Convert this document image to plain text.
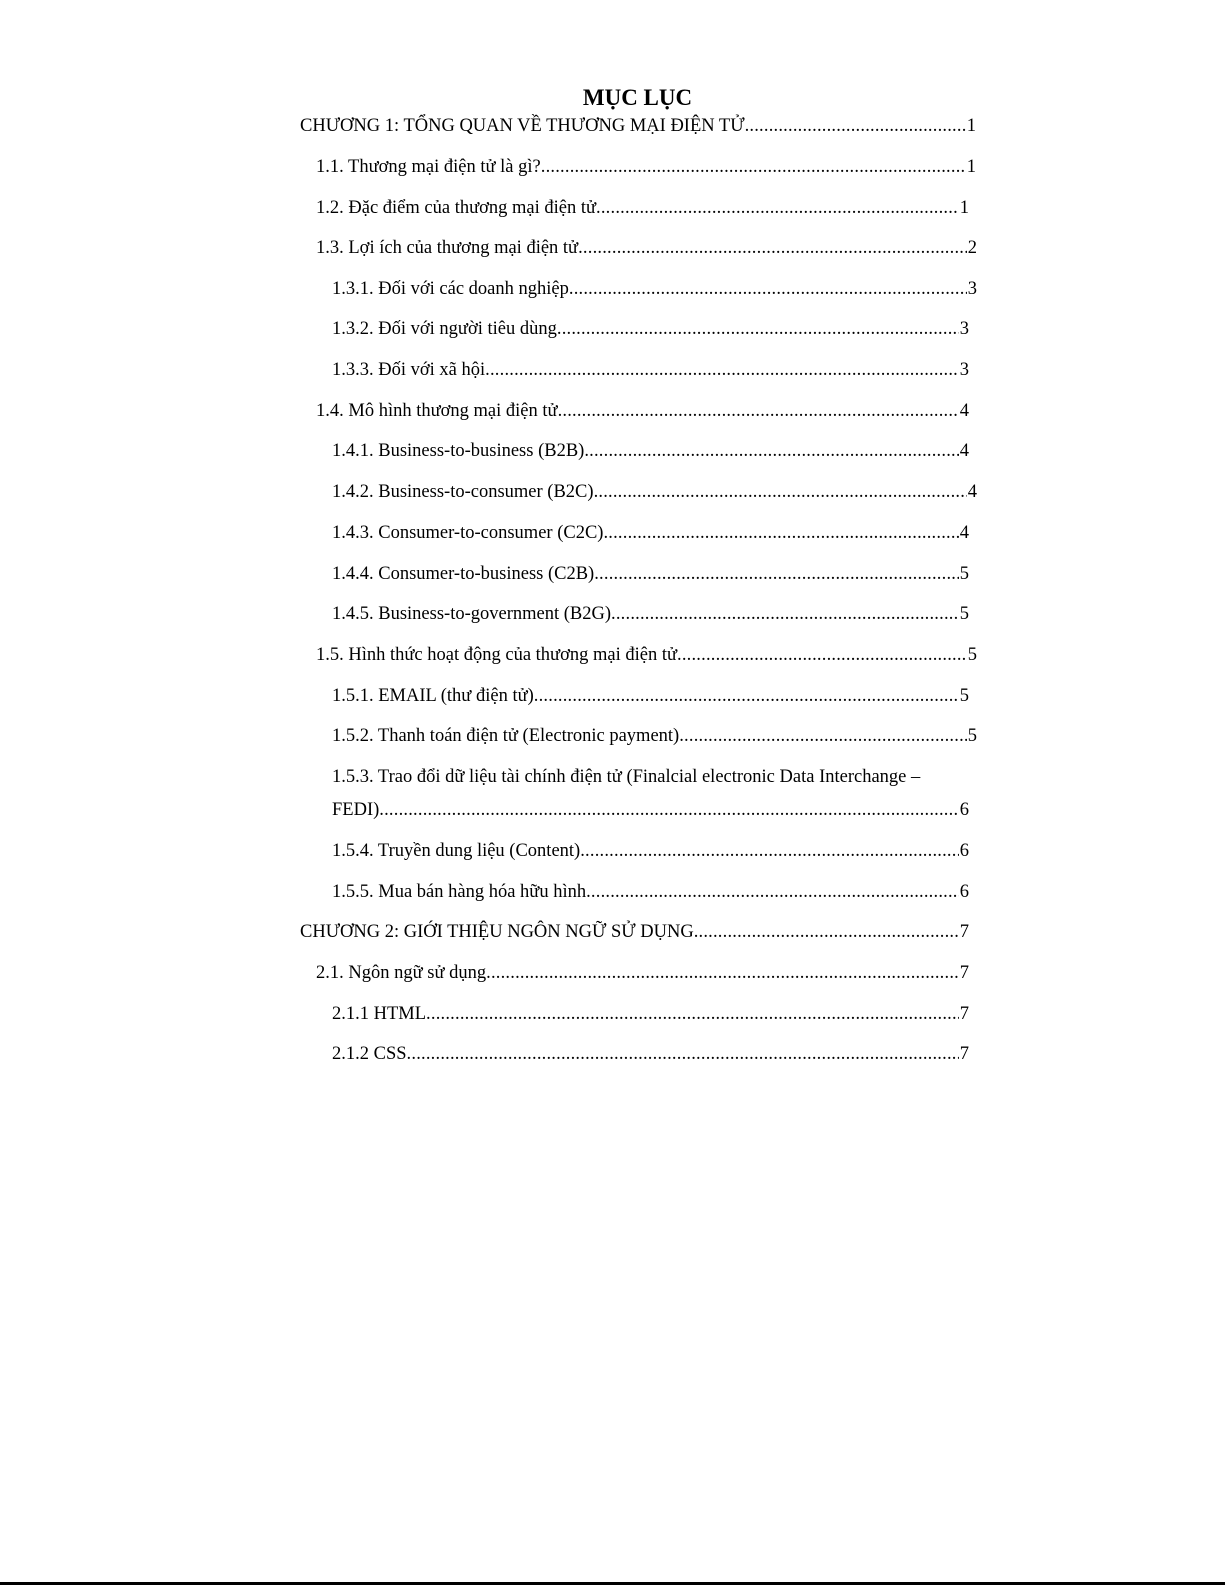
MỤC LỤC
CHƯƠNG 1: TỔNG QUAN VỀ THƯƠNG MẠI ĐIỆN TỬ .....	1
1.1. Thương mại điện tử là gì? .....	1
1.2. Đặc điểm của thương mại điện tử .....	1
1.3. Lợi ích của thương mại điện tử .....	2
1.3.1. Đối với các doanh nghiệp .....	3
1.3.2. Đối với người tiêu dùng .....	3
1.3.3. Đối với xã hội .....	3
1.4. Mô hình thương mại điện tử .....	4
1.4.1. Business-to-business (B2B) .....	4
1.4.2. Business-to-consumer (B2C) .....	4
1.4.3. Consumer-to-consumer (C2C) .....	4
1.4.4. Consumer-to-business (C2B) .....	5
1.4.5. Business-to-government (B2G) .....	5
1.5. Hình thức hoạt động của thương mại điện tử .....	5
1.5.1. EMAIL (thư điện tử) .....	5
1.5.2. Thanh toán điện tử (Electronic payment) .....	5
1.5.3. Trao đổi dữ liệu tài chính điện tử (Finalcial electronic Data Interchange –
FEDI) .....	6
1.5.4. Truyền dung liệu (Content) .....	6
1.5.5. Mua bán hàng hóa hữu hình .....	6
CHƯƠNG 2: GIỚI THIỆU NGÔN NGỮ SỬ DỤNG .....	7
2.1. Ngôn ngữ sử dụng .....	7
2.1.1 HTML .....	7
2.1.2 CSS .....	7
